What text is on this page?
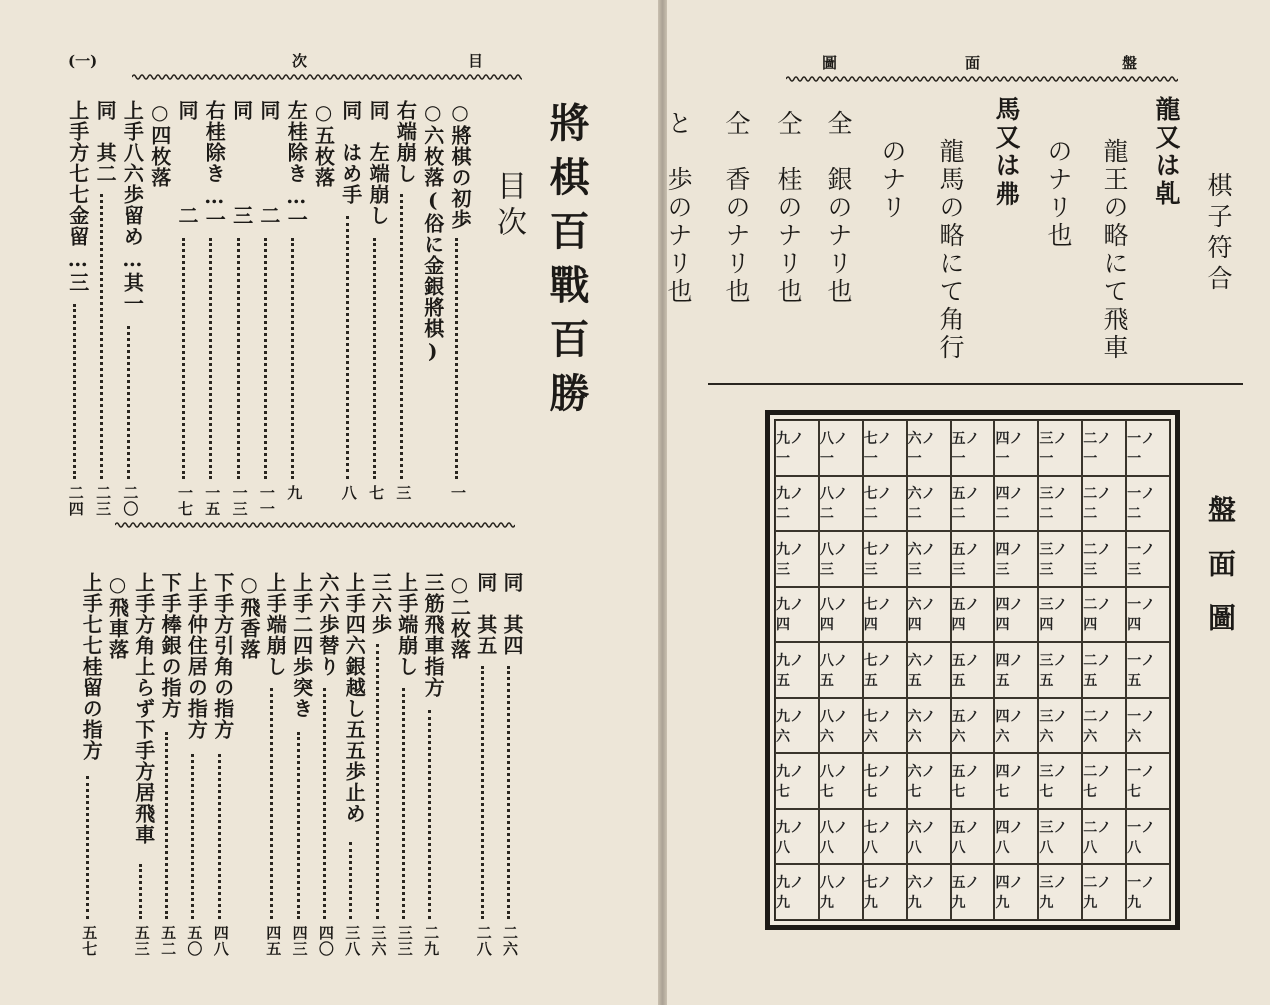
(一)	次	目
將棋百戰百勝
目次
○將棋の初歩
一
○六枚落(俗に金銀將棋)
右端崩し
三
同　左端崩し
七
同　はめ手
八
○五枚落
左桂除き…一
九
同　　　　二
一一
同　　　　三
一三
右桂除き…一
一五
同　　　　二
一七
○四枚落
上手八六歩留め…其一
二〇
同　其二
二三
上手方七七金留…三
二四
同　其四
二六
同　其五
二八
○二枚落
三筋飛車指方
二九
上手端崩し
三三
三六歩
三六
上手四六銀越し五五歩止め
三八
六六歩替り
四〇
上手二四歩突き
四三
上手端崩し
四五
○飛香落
下手方引角の指方
四八
上手仲住居の指方
五〇
下手棒銀の指方
五二
上手方角上らず下手方居飛車
五三
○飛車落
上手七七桂留の指方
五七
盤
面
圖
棋子符合
龍又は𠃵
龍王の略にて飛車
のナリ也
馬又は𢎵
龍馬の略にて角行
のナリ
全　銀のナリ也
仝　桂のナリ也
仝　香のナリ也
と　歩のナリ也
九ノ一
八ノ一
七ノ一
六ノ一
五ノ一
四ノ一
三ノ一
二ノ一
一ノ一
九ノ二
八ノ二
七ノ二
六ノ二
五ノ二
四ノ二
三ノ二
二ノ二
一ノ二
九ノ三
八ノ三
七ノ三
六ノ三
五ノ三
四ノ三
三ノ三
二ノ三
一ノ三
九ノ四
八ノ四
七ノ四
六ノ四
五ノ四
四ノ四
三ノ四
二ノ四
一ノ四
九ノ五
八ノ五
七ノ五
六ノ五
五ノ五
四ノ五
三ノ五
二ノ五
一ノ五
九ノ六
八ノ六
七ノ六
六ノ六
五ノ六
四ノ六
三ノ六
二ノ六
一ノ六
九ノ七
八ノ七
七ノ七
六ノ七
五ノ七
四ノ七
三ノ七
二ノ七
一ノ七
九ノ八
八ノ八
七ノ八
六ノ八
五ノ八
四ノ八
三ノ八
二ノ八
一ノ八
九ノ九
八ノ九
七ノ九
六ノ九
五ノ九
四ノ九
三ノ九
二ノ九
一ノ九
盤面圖
